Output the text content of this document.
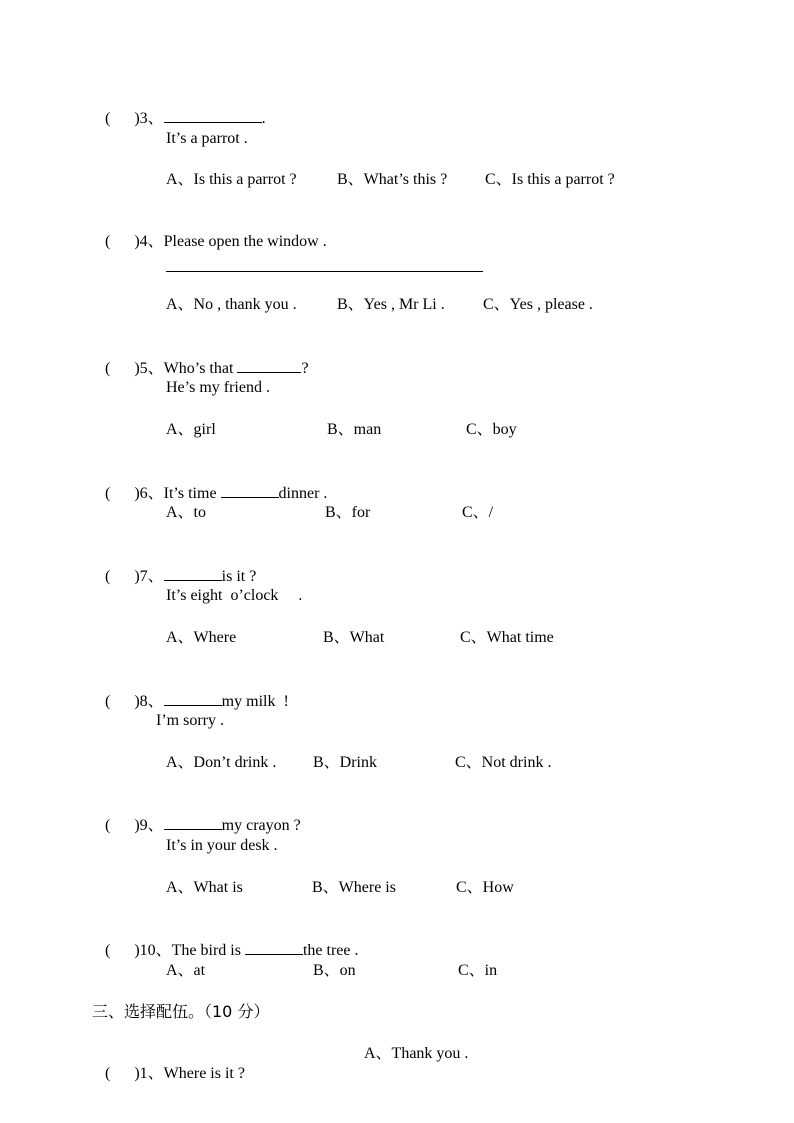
(      )3、	.

It’s a parrot .
A、Is this a parrot ?	B、What’s this ? C、Is this a parrot ?

(      )4、Please open the window .

A、No , thank you .	B、Yes , Mr Li . C、Yes , please .

(      )5、Who’s that	?

He’s my friend .
A、girl	B、man	C、boy

(      )6、It’s time	dinner .

A、to	B、for	C、/

(      )7、	is it ?

It’s eight  o’clock     .
A、Where	B、What	C、What time

(      )8、	my milk  !

I’m sorry .
A、Don’t drink . B、Drink	C、Not drink .

(      )9、	my crayon ?

It’s in your desk .
A、What is	B、Where is	C、How

(      )10、The bird is	the tree .

A、at	B、on	C、in
三、选择配伍。（10 分）

(      )1、Where is it ?

A、Thank you .
